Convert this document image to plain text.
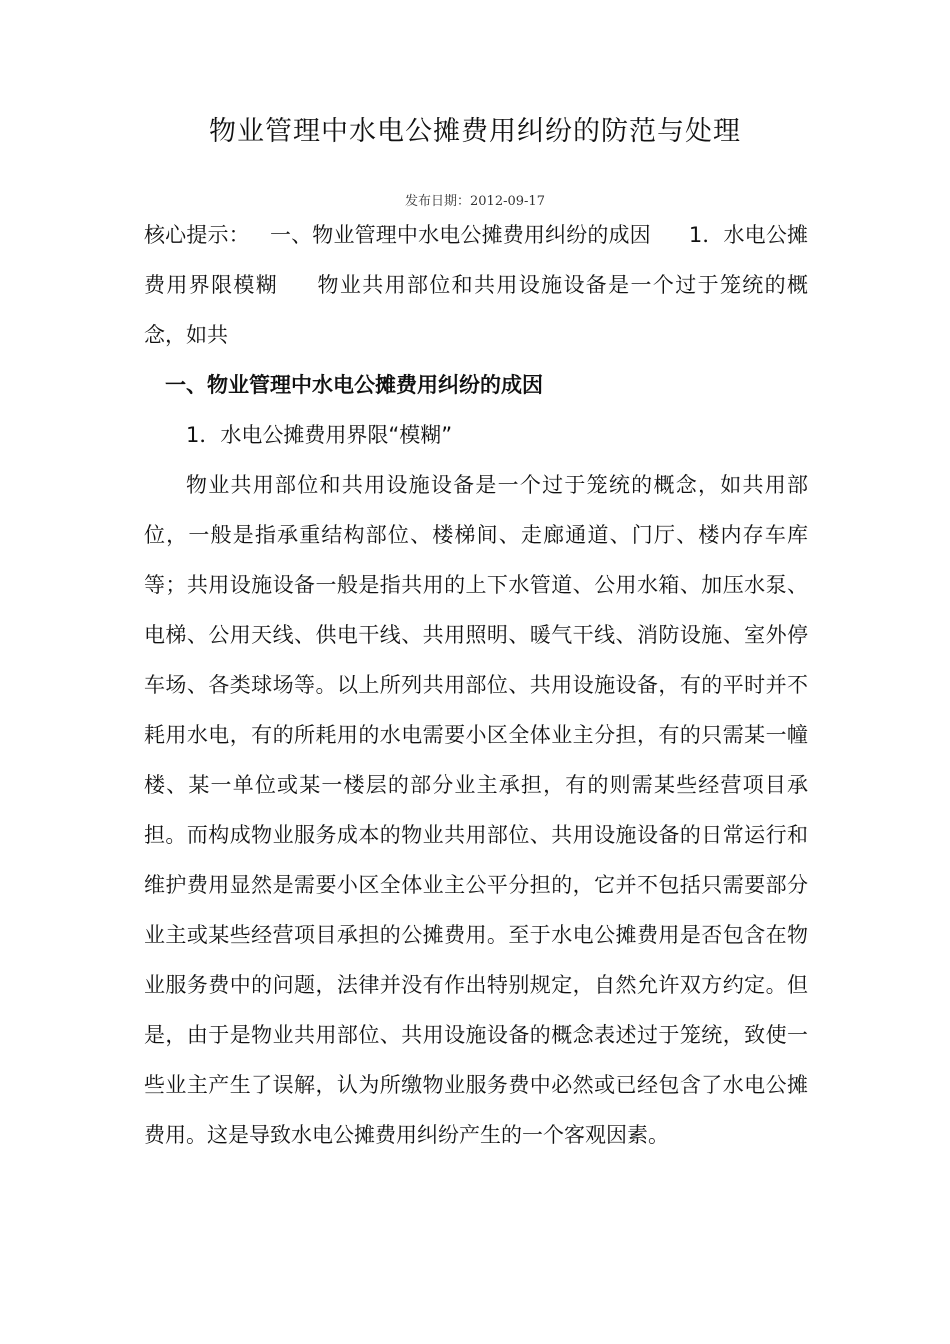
物业管理中水电公摊费用纠纷的防范与处理
发布日期：2012-09-17

核心提示： 一、物业管理中水电公摊费用纠纷的成因 1．水电公摊费用界限模糊 物业共用部位和共用设施设备是一个过于笼统的概念，如共

一、物业管理中水电公摊费用纠纷的成因

1．水电公摊费用界限“模糊”

物业共用部位和共用设施设备是一个过于笼统的概念，如共用部位，一般是指承重结构部位、楼梯间、走廊通道、门厅、楼内存车库等；共用设施设备一般是指共用的上下水管道、公用水箱、加压水泵、电梯、公用天线、供电干线、共用照明、暖气干线、消防设施、室外停车场、各类球场等。以上所列共用部位、共用设施设备，有的平时并不耗用水电，有的所耗用的水电需要小区全体业主分担，有的只需某一幢楼、某一单位或某一楼层的部分业主承担，有的则需某些经营项目承担。而构成物业服务成本的物业共用部位、共用设施设备的日常运行和维护费用显然是需要小区全体业主公平分担的，它并不包括只需要部分业主或某些经营项目承担的公摊费用。至于水电公摊费用是否包含在物业服务费中的问题，法律并没有作出特别规定，自然允许双方约定。但是，由于是物业共用部位、共用设施设备的概念表述过于笼统，致使一些业主产生了误解，认为所缴物业服务费中必然或已经包含了水电公摊费用。这是导致水电公摊费用纠纷产生的一个客观因素。
